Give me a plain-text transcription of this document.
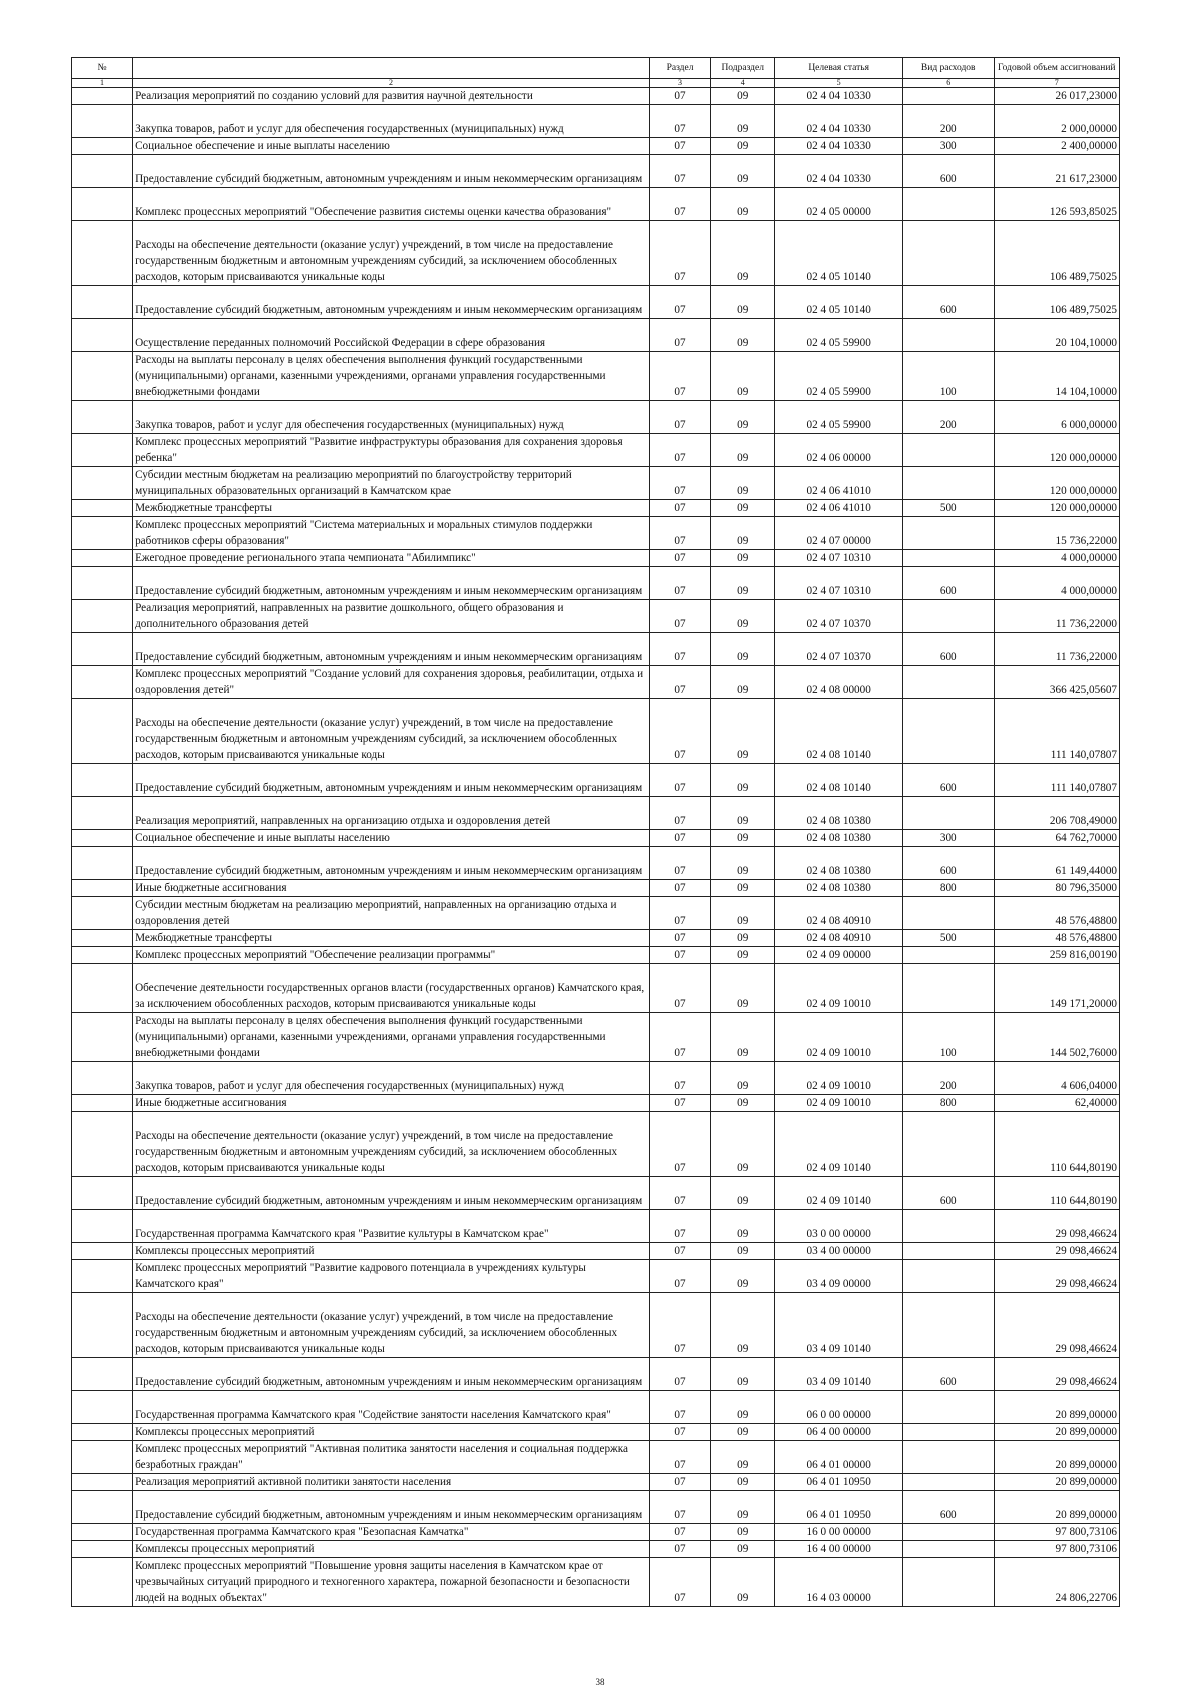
№		Раздел	Подраздел	Целевая статья	Вид расходов	Годовой объем ассигнований
1	2	3	4	5	6	7
	Реализация мероприятий по созданию условий для развития научной деятельности	07	09	02 4 04 10330		26 017,23000
	Закупка товаров, работ и услуг для обеспечения государственных (муниципальных) нужд	07	09	02 4 04 10330	200	2 000,00000
	Социальное обеспечение и иные выплаты населению	07	09	02 4 04 10330	300	2 400,00000
	Предоставление субсидий бюджетным, автономным учреждениям и иным некоммерческим организациям	07	09	02 4 04 10330	600	21 617,23000
	Комплекс процессных мероприятий "Обеспечение развития системы оценки качества образования"	07	09	02 4 05 00000		126 593,85025
	Расходы на обеспечение деятельности (оказание услуг) учреждений, в том числе на предоставление государственным бюджетным и автономным учреждениям субсидий, за исключением обособленных расходов, которым присваиваются уникальные коды	07	09	02 4 05 10140		106 489,75025
	Предоставление субсидий бюджетным, автономным учреждениям и иным некоммерческим организациям	07	09	02 4 05 10140	600	106 489,75025
	Осуществление переданных полномочий Российской Федерации в сфере образования	07	09	02 4 05 59900		20 104,10000
	Расходы на выплаты персоналу в целях обеспечения выполнения функций государственными (муниципальными) органами, казенными учреждениями, органами управления государственными внебюджетными фондами	07	09	02 4 05 59900	100	14 104,10000
	Закупка товаров, работ и услуг для обеспечения государственных (муниципальных) нужд	07	09	02 4 05 59900	200	6 000,00000
	Комплекс процессных мероприятий "Развитие инфраструктуры образования для сохранения здоровья ребенка"	07	09	02 4 06 00000		120 000,00000
	Субсидии местным бюджетам на реализацию мероприятий по благоустройству территорий муниципальных образовательных организаций в Камчатском крае	07	09	02 4 06 41010		120 000,00000
	Межбюджетные трансферты	07	09	02 4 06 41010	500	120 000,00000
	Комплекс процессных мероприятий "Система материальных и моральных стимулов поддержки работников сферы образования"	07	09	02 4 07 00000		15 736,22000
	Ежегодное проведение регионального этапа чемпионата "Абилимпикс"	07	09	02 4 07 10310		4 000,00000
	Предоставление субсидий бюджетным, автономным учреждениям и иным некоммерческим организациям	07	09	02 4 07 10310	600	4 000,00000
	Реализация мероприятий, направленных на развитие дошкольного, общего образования и дополнительного образования детей	07	09	02 4 07 10370		11 736,22000
	Предоставление субсидий бюджетным, автономным учреждениям и иным некоммерческим организациям	07	09	02 4 07 10370	600	11 736,22000
	Комплекс процессных мероприятий "Создание условий для сохранения здоровья, реабилитации, отдыха и оздоровления детей"	07	09	02 4 08 00000		366 425,05607
	Расходы на обеспечение деятельности (оказание услуг) учреждений, в том числе на предоставление государственным бюджетным и автономным учреждениям субсидий, за исключением обособленных расходов, которым присваиваются уникальные коды	07	09	02 4 08 10140		111 140,07807
	Предоставление субсидий бюджетным, автономным учреждениям и иным некоммерческим организациям	07	09	02 4 08 10140	600	111 140,07807
	Реализация мероприятий, направленных на организацию отдыха и оздоровления детей	07	09	02 4 08 10380		206 708,49000
	Социальное обеспечение и иные выплаты населению	07	09	02 4 08 10380	300	64 762,70000
	Предоставление субсидий бюджетным, автономным учреждениям и иным некоммерческим организациям	07	09	02 4 08 10380	600	61 149,44000
	Иные бюджетные ассигнования	07	09	02 4 08 10380	800	80 796,35000
	Субсидии местным бюджетам на реализацию мероприятий, направленных на организацию отдыха и оздоровления детей	07	09	02 4 08 40910		48 576,48800
	Межбюджетные трансферты	07	09	02 4 08 40910	500	48 576,48800
	Комплекс процессных мероприятий "Обеспечение реализации программы"	07	09	02 4 09 00000		259 816,00190
	Обеспечение деятельности государственных органов власти (государственных органов) Камчатского края, за исключением обособленных расходов, которым присваиваются уникальные коды	07	09	02 4 09 10010		149 171,20000
	Расходы на выплаты персоналу в целях обеспечения выполнения функций государственными (муниципальными) органами, казенными учреждениями, органами управления государственными внебюджетными фондами	07	09	02 4 09 10010	100	144 502,76000
	Закупка товаров, работ и услуг для обеспечения государственных (муниципальных) нужд	07	09	02 4 09 10010	200	4 606,04000
	Иные бюджетные ассигнования	07	09	02 4 09 10010	800	62,40000
	Расходы на обеспечение деятельности (оказание услуг) учреждений, в том числе на предоставление государственным бюджетным и автономным учреждениям субсидий, за исключением обособленных расходов, которым присваиваются уникальные коды	07	09	02 4 09 10140		110 644,80190
	Предоставление субсидий бюджетным, автономным учреждениям и иным некоммерческим организациям	07	09	02 4 09 10140	600	110 644,80190
	Государственная программа Камчатского края "Развитие культуры в Камчатском крае"	07	09	03 0 00 00000		29 098,46624
	Комплексы процессных мероприятий	07	09	03 4 00 00000		29 098,46624
	Комплекс процессных мероприятий "Развитие кадрового потенциала в учреждениях культуры Камчатского края"	07	09	03 4 09 00000		29 098,46624
	Расходы на обеспечение деятельности (оказание услуг) учреждений, в том числе на предоставление государственным бюджетным и автономным учреждениям субсидий, за исключением обособленных расходов, которым присваиваются уникальные коды	07	09	03 4 09 10140		29 098,46624
	Предоставление субсидий бюджетным, автономным учреждениям и иным некоммерческим организациям	07	09	03 4 09 10140	600	29 098,46624
	Государственная программа Камчатского края "Содействие занятости населения Камчатского края"	07	09	06 0 00 00000		20 899,00000
	Комплексы процессных мероприятий	07	09	06 4 00 00000		20 899,00000
	Комплекс процессных мероприятий "Активная политика занятости населения и социальная поддержка безработных граждан"	07	09	06 4 01 00000		20 899,00000
	Реализация мероприятий активной политики занятости населения	07	09	06 4 01 10950		20 899,00000
	Предоставление субсидий бюджетным, автономным учреждениям и иным некоммерческим организациям	07	09	06 4 01 10950	600	20 899,00000
	Государственная программа Камчатского края "Безопасная Камчатка"	07	09	16 0 00 00000		97 800,73106
	Комплексы процессных мероприятий	07	09	16 4 00 00000		97 800,73106
	Комплекс процессных мероприятий "Повышение уровня защиты населения в Камчатском крае от чрезвычайных ситуаций природного и техногенного характера, пожарной безопасности и безопасности людей на водных объектах"	07	09	16 4 03 00000		24 806,22706
38
